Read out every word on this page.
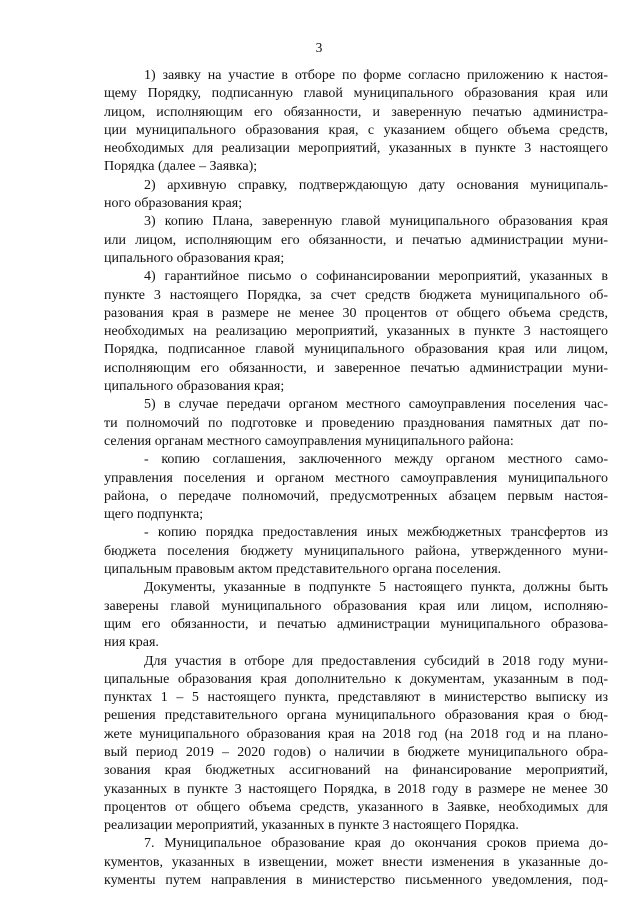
3
1) заявку на участие в отборе по форме согласно приложению к настоя-
щему Порядку, подписанную главой муниципального образования края или
лицом, исполняющим его обязанности, и заверенную печатью администра-
ции муниципального образования края, с указанием общего объема средств,
необходимых для реализации мероприятий, указанных в пункте 3 настоящего
Порядка (далее – Заявка);
2) архивную справку, подтверждающую дату основания муниципаль-
ного образования края;
3) копию Плана, заверенную главой муниципального образования края
или лицом, исполняющим его обязанности, и печатью администрации муни-
ципального образования края;
4) гарантийное письмо о софинансировании мероприятий, указанных в
пункте 3 настоящего Порядка, за счет средств бюджета муниципального об-
разования края в размере не менее 30 процентов от общего объема средств,
необходимых на реализацию мероприятий, указанных в пункте 3 настоящего
Порядка, подписанное главой муниципального образования края или лицом,
исполняющим его обязанности, и заверенное печатью администрации муни-
ципального образования края;
5) в случае передачи органом местного самоуправления поселения час-
ти полномочий по подготовке и проведению празднования памятных дат по-
селения органам местного самоуправления муниципального района:
- копию соглашения, заключенного между органом местного само-
управления поселения и органом местного самоуправления муниципального
района, о передаче полномочий, предусмотренных абзацем первым настоя-
щего подпункта;
- копию порядка предоставления иных межбюджетных трансфертов из
бюджета поселения бюджету муниципального района, утвержденного муни-
ципальным правовым актом представительного органа поселения.
Документы, указанные в подпункте 5 настоящего пункта, должны быть
заверены главой муниципального образования края или лицом, исполняю-
щим его обязанности, и печатью администрации муниципального образова-
ния края.
Для участия в отборе для предоставления субсидий в 2018 году муни-
ципальные образования края дополнительно к документам, указанным в под-
пунктах 1 – 5 настоящего пункта, представляют в министерство выписку из
решения представительного органа муниципального образования края о бюд-
жете муниципального образования края на 2018 год (на 2018 год и на плано-
вый период 2019 – 2020 годов) о наличии в бюджете муниципального обра-
зования края бюджетных ассигнований на финансирование мероприятий,
указанных в пункте 3 настоящего Порядка, в 2018 году в размере не менее 30
процентов от общего объема средств, указанного в Заявке, необходимых для
реализации мероприятий, указанных в пункте 3 настоящего Порядка.
7. Муниципальное образование края до окончания сроков приема до-
кументов, указанных в извещении, может внести изменения в указанные до-
кументы путем направления в министерство письменного уведомления, под-
